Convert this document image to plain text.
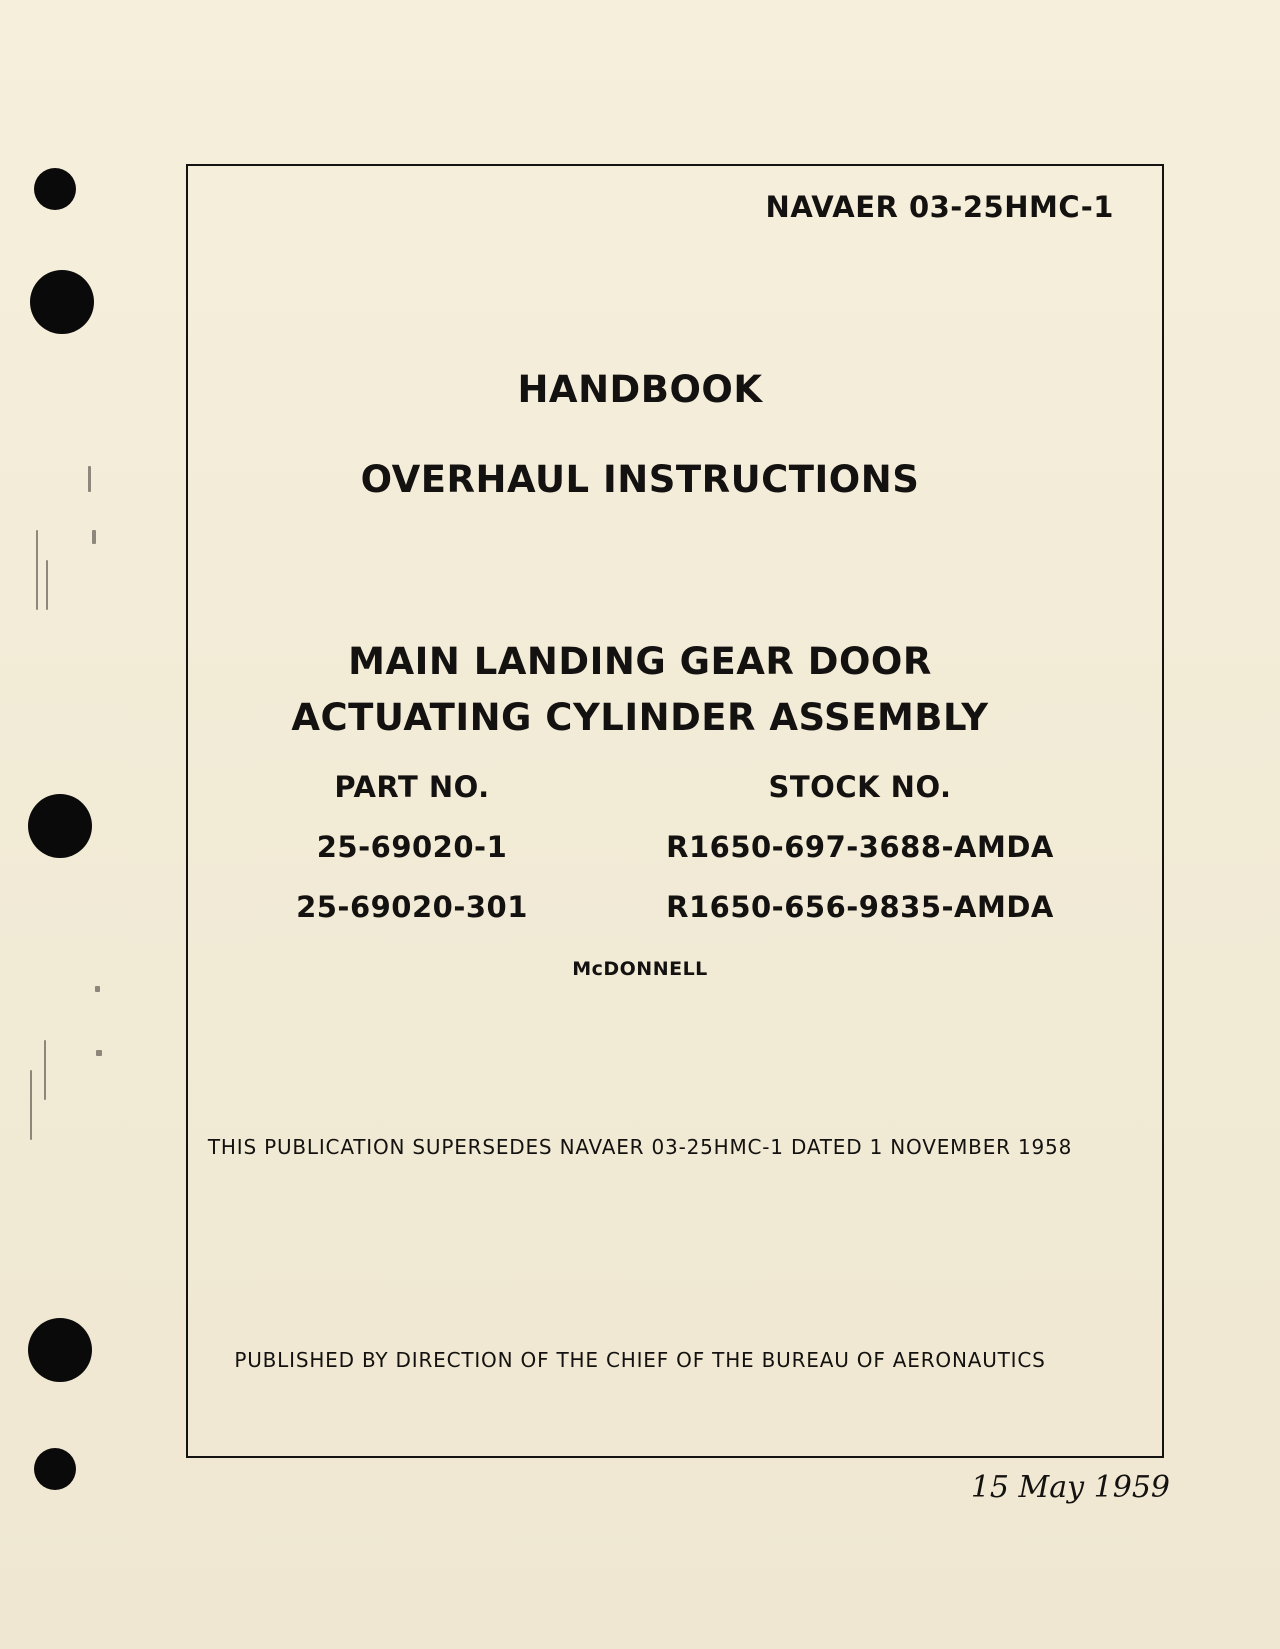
NAVAER 03-25HMC-1
HANDBOOK
OVERHAUL INSTRUCTIONS
MAIN LANDING GEAR DOOR
ACTUATING CYLINDER ASSEMBLY
PART NO.	STOCK NO.
25-69020-1	R1650-697-3688-AMDA
25-69020-301	R1650-656-9835-AMDA
McDONNELL
THIS PUBLICATION SUPERSEDES NAVAER 03-25HMC-1 DATED 1 NOVEMBER 1958
PUBLISHED BY DIRECTION OF THE CHIEF OF THE BUREAU OF AERONAUTICS
15 May 1959
